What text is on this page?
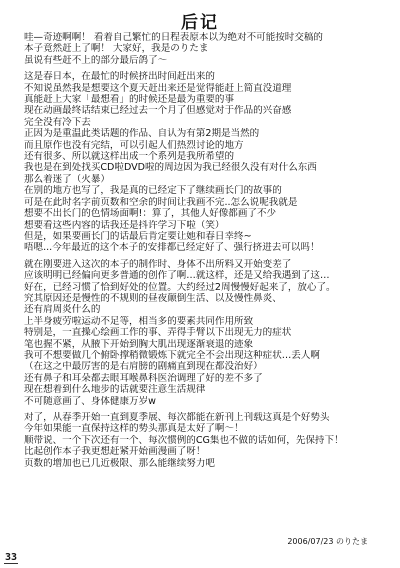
后记
哇—奇迹啊啊！ 看着自己繁忙的日程表原本以为绝对不可能按时交稿的
本子竟然赶上了啊！ 大家好，我是のりたま
虽说有些赶不上的部分最后鸽了～
这是春日本，在最忙的时候挤出时间赶出来的
不知说虽然我是想要这个夏天赶出来还是觉得能赶上简直没道理
真能赶上大家「最想看」的时候还是最为重要的事
现在动画最终话结束已经过去一个月了但感觉对于作品的兴奋感
完全没有冷下去
正因为是重温此类话题的作品、自认为有第2期是当然的
而且原作也没有完结，可以引起人们热烈讨论的地方
还有很多、所以就这样出成一个系列是我所希望的
我也是在到处找买CD啦DVD啦的周边因为我已经很久没有对什么东西
那么着迷了（火暴）
在别的地方也写了，我是真的已经定下了继续画长门的故事的
可是在此时名字前页数和空余的时间让我画不完..怎么说呢我就是
想要不出长门的色情场面啊!：算了，其他人好像都画了不少
想要看这些内容的话我还是抖许学习下啦（笑）
但是，如果要画长门的话最后肯定要让她和春日幸终~
唔嗯...今年最近的这个本子的安排都已经定好了、强行挤进去可以吗！
就在刚要进入这次的本子的制作时、身体不出所料又开始变差了
应该明明已经偏向更多普通的创作了啊…就这样，还是又给我遇到了这…
好在，已经习惯了恰到好处的位置。大约经过2周慢慢好起来了，放心了。
究其原因还是慢性的不规则的昼夜颠倒生活、以及慢性鼻炎、
还有肩周炎什么的
上半身疲劳啦运动不足等，相当多的要素共同作用所致
特别是，一直操心绘画工作的事、弄得手臂以下出现无力的症状
笔也握不紧，从腋下开始到胸大肌出现逐渐衰退的迹象
我可不想要做几个俯卧撑稍微锻炼下就完全不会出现这种症状…丢人啊
（在这之中最厉害的是右肩膀的剧痛直到现在都没治好）
还有鼻子和耳朵都去眼耳喉鼻科医治调理了好的差不多了
现在想着到什么地步的话就要注意生活规律
不可随意画了、身体健康万岁w
对了，从春季开始一直到夏季展、每次都能在新刊上刊载这真是个好势头
今年如果能一直保持这样的势头那真是太好了啊～！
顺带说、一个下次还有一个、每次惯例的CG集也不做的话如何，先保持下！
比起创作本子我更想赶紧开始画漫画了呀！
页数的增加也已几近极限、那么能继续努力吧
2006/07/23 のりたま
33
